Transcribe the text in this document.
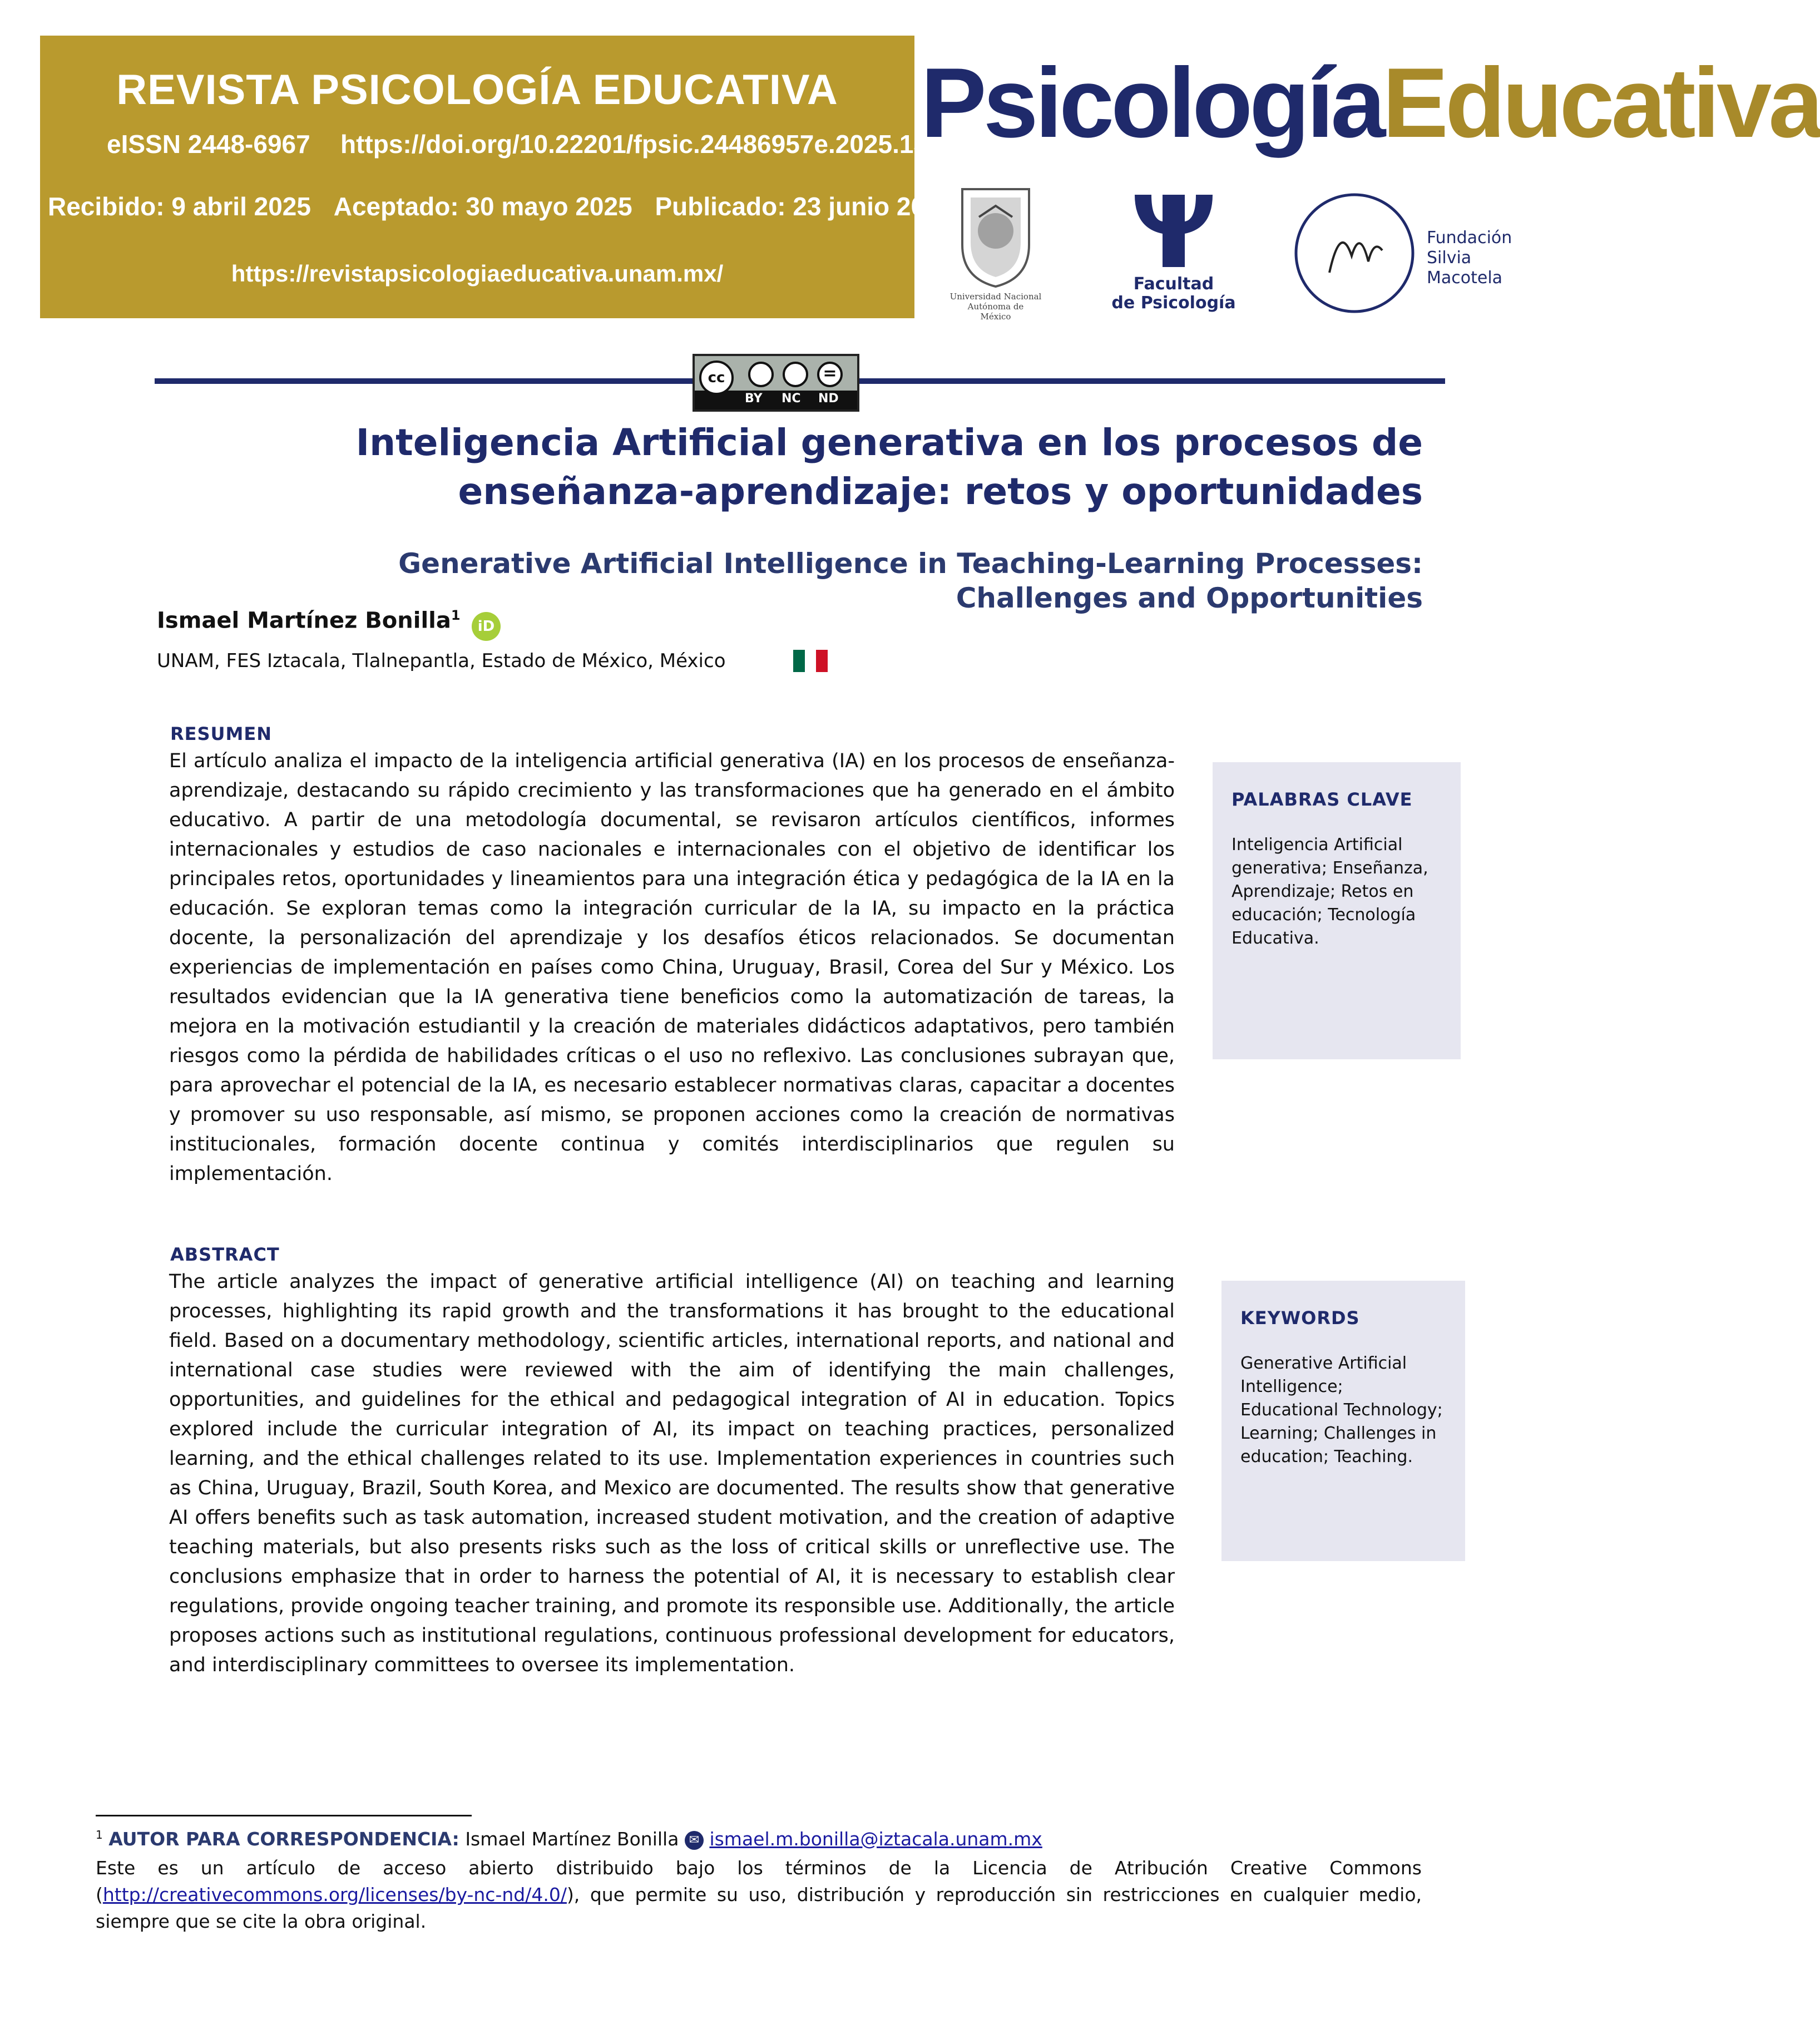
REVISTA PSICOLOGÍA EDUCATIVA
eISSN 2448-6967 https://doi.org/10.22201/fpsic.24486957e.2025.13.146
Recibido: 9 abril 2025 Aceptado: 30 mayo 2025 Publicado: 23 junio 2025
https://revistapsicologiaeducativa.unam.mx/
PsicologíaEducativa
Universidad Nacional
Autónoma de
México
Facultad
de Psicología
Fundación
Silvia
Macotela
cc	=
BY NC ND
Inteligencia Artificial generativa en los procesos de
enseñanza-aprendizaje: retos y oportunidades
Generative Artificial Intelligence in Teaching-Learning Processes:
Challenges and Opportunities
Ismael Martínez Bonilla$^1$
iD
UNAM, FES Iztacala, Tlalnepantla, Estado de México, México
RESUMEN

El artículo analiza el impacto de la inteligencia artificial generativa (IA) en los procesos de enseñanza-aprendizaje, destacando su rápido crecimiento y las transformaciones que ha generado en el ámbito educativo. A partir de una metodología documental, se revisaron artículos científicos, informes internacionales y estudios de caso nacionales e internacionales con el objetivo de identificar los principales retos, oportunidades y lineamientos para una integración ética y pedagógica de la IA en la educación. Se exploran temas como la integración curricular de la IA, su impacto en la práctica docente, la personalización del aprendizaje y los desafíos éticos relacionados. Se documentan experiencias de implementación en países como China, Uruguay, Brasil, Corea del Sur y México. Los resultados evidencian que la IA generativa tiene beneficios como la automatización de tareas, la mejora en la motivación estudiantil y la creación de materiales didácticos adaptativos, pero también riesgos como la pérdida de habilidades críticas o el uso no reflexivo. Las conclusiones subrayan que, para aprovechar el potencial de la IA, es necesario establecer normativas claras, capacitar a docentes y promover su uso responsable, así mismo, se proponen acciones como la creación de normativas institucionales, formación docente continua y comités interdisciplinarios que regulen su implementación.

PALABRAS CLAVE
Inteligencia Artificial generativa; Enseñanza, Aprendizaje; Retos en educación; Tecnología Educativa.
ABSTRACT

The article analyzes the impact of generative artificial intelligence (AI) on teaching and learning processes, highlighting its rapid growth and the transformations it has brought to the educational field. Based on a documentary methodology, scientific articles, international reports, and national and international case studies were reviewed with the aim of identifying the main challenges, opportunities, and guidelines for the ethical and pedagogical integration of AI in education. Topics explored include the curricular integration of AI, its impact on teaching practices, personalized learning, and the ethical challenges related to its use. Implementation experiences in countries such as China, Uruguay, Brazil, South Korea, and Mexico are documented. The results show that generative AI offers benefits such as task automation, increased student motivation, and the creation of adaptive teaching materials, but also presents risks such as the loss of critical skills or unreflective use. The conclusions emphasize that in order to harness the potential of AI, it is necessary to establish clear regulations, provide ongoing teacher training, and promote its responsible use. Additionally, the article proposes actions such as institutional regulations, continuous professional development for educators, and interdisciplinary committees to oversee its implementation.

KEYWORDS
Generative Artificial Intelligence; Educational Technology; Learning; Challenges in education; Teaching.
$^1$ AUTOR PARA CORRESPONDENCIA: Ismael Martínez Bonilla ✉ ismael.m.bonilla@iztacala.unam.mx
Este es un artículo de acceso abierto distribuido bajo los términos de la Licencia de Atribución Creative Commons (http://creativecommons.org/licenses/by-nc-nd/4.0/), que permite su uso, distribución y reproducción sin restricciones en cualquier medio, siempre que se cite la obra original.
